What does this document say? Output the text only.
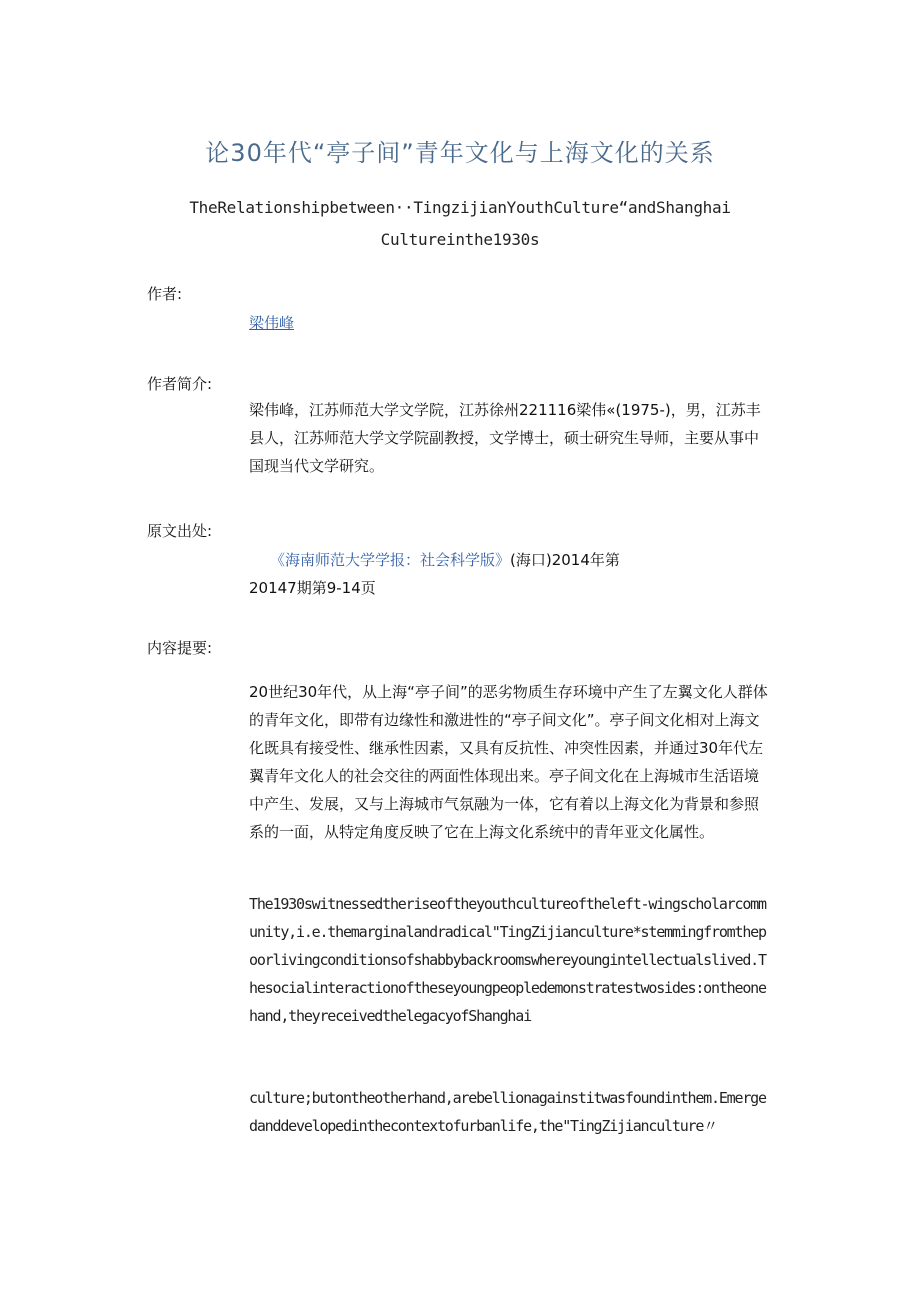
论30年代“亭子间”青年文化与上海文化的关系
TheRelationshipbetween··TingzijianYouthCulture“andShanghai
Cultureinthe1930s
作者:
梁伟峰
作者简介:
梁伟峰，江苏师范大学文学院，江苏徐州221116梁伟«(1975-)，男，江苏丰县人，江苏师范大学文学院副教授，文学博士，硕士研究生导师，主要从事中国现当代文学研究。
原文出处:
《海南师范大学学报：社会科学版》(海口)2014年第
20147期第9-14页
内容提要:
20世纪30年代，从上海“亭子间”的恶劣物质生存环境中产生了左翼文化人群体的青年文化，即带有边缘性和激进性的“亭子间文化”。亭子间文化相对上海文化既具有接受性、继承性因素，又具有反抗性、冲突性因素，并通过30年代左翼青年文化人的社会交往的两面性体现出来。亭子间文化在上海城市生活语境中产生、发展，又与上海城市气氛融为一体，它有着以上海文化为背景和参照系的一面，从特定角度反映了它在上海文化系统中的青年亚文化属性。
The1930switnessedtheriseoftheyouthcultureoftheleft-wingscholarcommunity,i.e.themarginalandradical"TingZijianculture*stemmingfromthepoorlivingconditionsofshabbybackroomswhereyoungintellectualslived.Thesocialinteractionoftheseyoungpeopledemonstratestwosides:ontheonehand,theyreceivedthelegacyofShanghai
culture;butontheotherhand,arebellionagainstitwasfoundinthem.Emergedanddevelopedinthecontextofurbanlife,the"TingZijianculture〃
